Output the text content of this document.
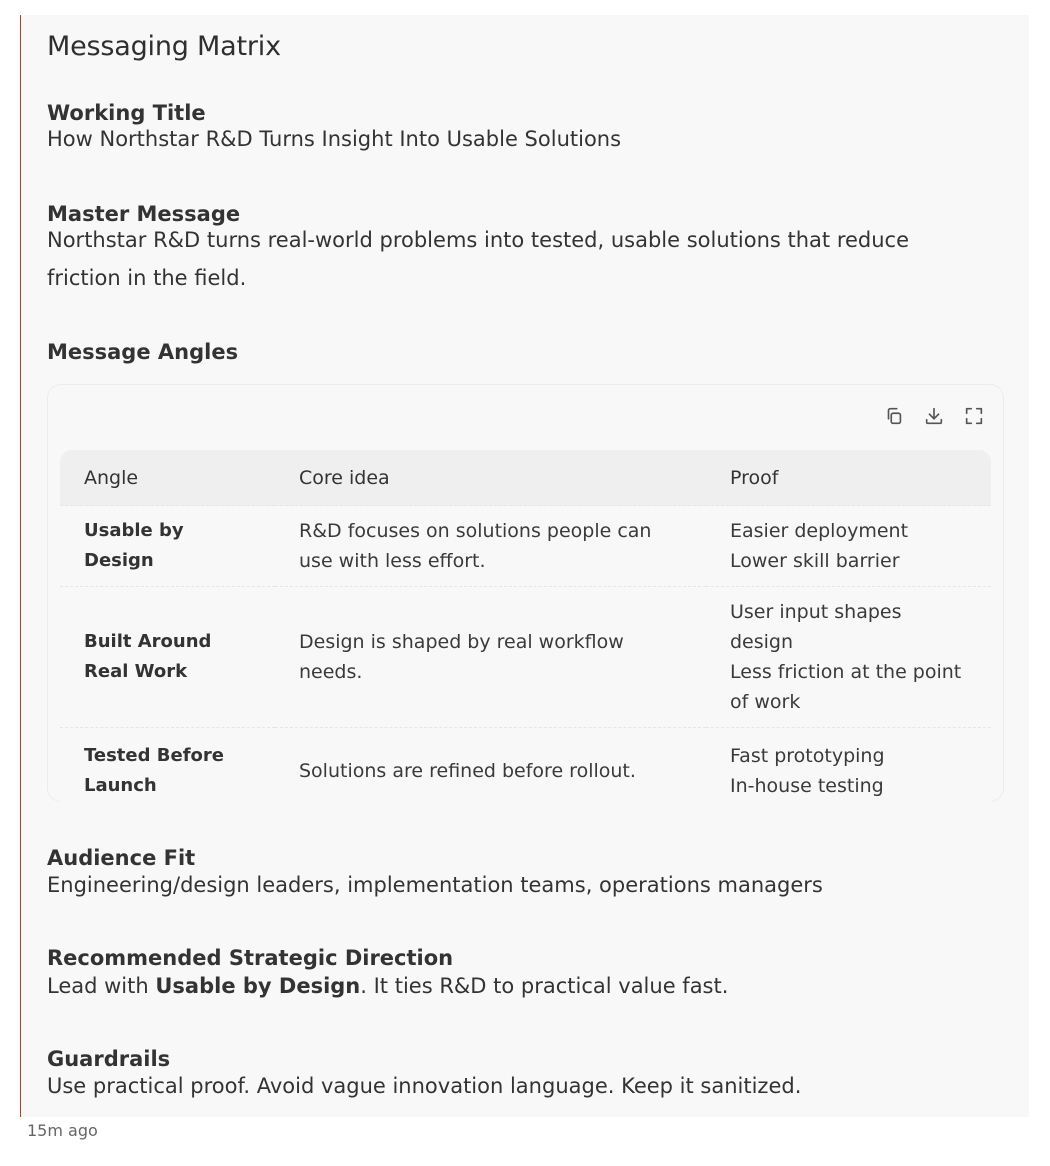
Messaging Matrix
Working Title
How Northstar R&D Turns Insight Into Usable Solutions
Master Message
Northstar R&D turns real-world problems into tested, usable solutions that reduce friction in the field.
Message Angles
Audience Fit
Engineering/design leaders, implementation teams, operations managers
Recommended Strategic Direction
Lead with Usable by Design. It ties R&D to practical value fast.
Guardrails
Use practical proof. Avoid vague innovation language. Keep it sanitized.
Angle	Core idea	Proof
Usable by Design	R&D focuses on solutions people can use with less effort.	Easier deployment
Lower skill barrier

Built Around Real Work	Design is shaped by real workflow needs.	User input shapes design
Less friction at the point of work

Tested Before Launch	Solutions are refined before rollout.	Fast prototyping
In-house testing
15m ago
